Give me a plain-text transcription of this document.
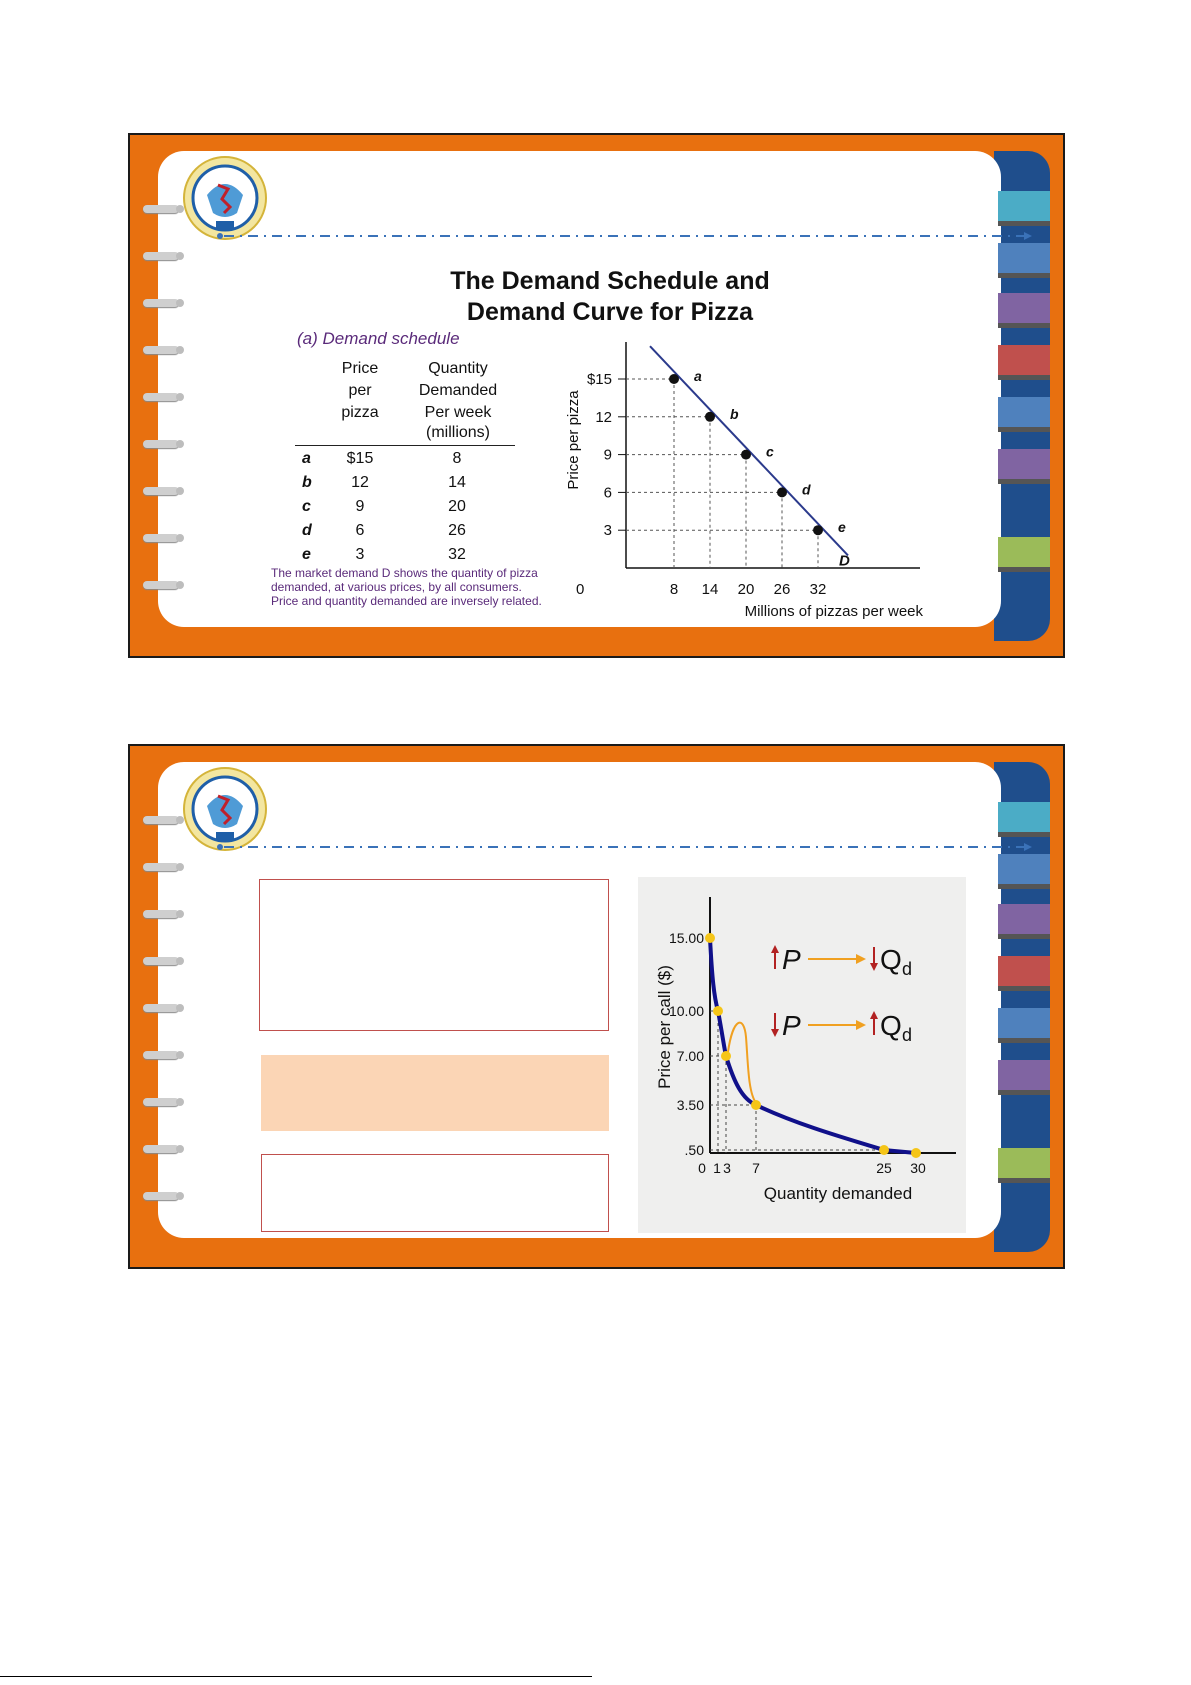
The Demand Schedule and
Demand Curve for Pizza
(a) Demand schedule
Price
per
pizza
Quantity
Demanded
Per week
(millions)
a	$15	8
b	12	14
c	9	20
d	6	26
e	3	32
The market demand D shows the quantity of pizza
demanded, at various prices, by all consumers.
Price and quantity demanded are inversely related.
Price per pizza
Millions of pizzas per week
0
D
$15
8
a
12
14
b
9
20
c
6
26
d
3
32
e
Price per call ($)
Quantity demanded
15.00
10.00
7.00
3.50
.50
0 1 3 7	25 30
P	Q d
P	Q d
